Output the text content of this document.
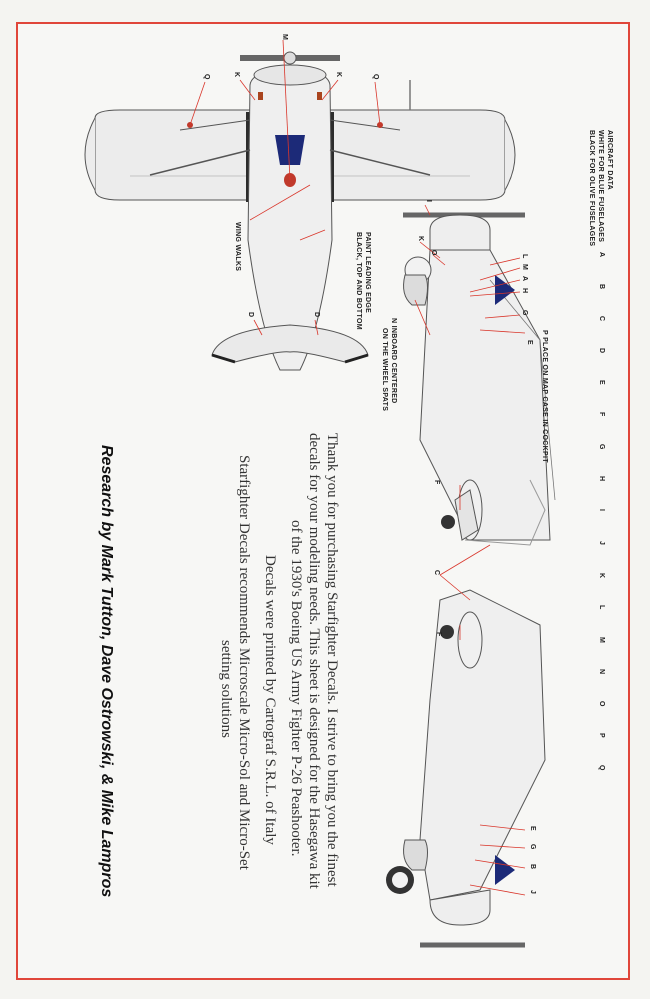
M
Q	Q
K	K
D	D
I
K
O
L
M
A
H
G
E
F
C
F
E
G
B
J
WING WALKS	PAINT LEADING EDGE
BLACK, TOP AND BOTTOM
N INBOARD CENTERED
ON THE WHEEL SPATS	P PLACE ON MAP CASE IN COCKPIT
AIRCRAFT DATA
WHITE FOR BLUE FUSELAGES
BLACK FOR OLIVE FUSELAGES
A
B
C
D
E
F
G
H
I
J
K
L
M
N
O
P
Q
Thank you for purchasing Starfighter Decals. I strive to bring you the finest
decals for your modeling needs. This sheet is designed for the Hasegawa kit
of the 1930's Boeing US Army Fighter P-26 Peashooter.
Decals were printed by Cartograf S.R.L. of Italy
Starfighter Decals recommends Microscale Micro-Sol and Micro-Set
setting solutions
Research by Mark Tutton, Dave Ostrowski, & Mike Lampros
